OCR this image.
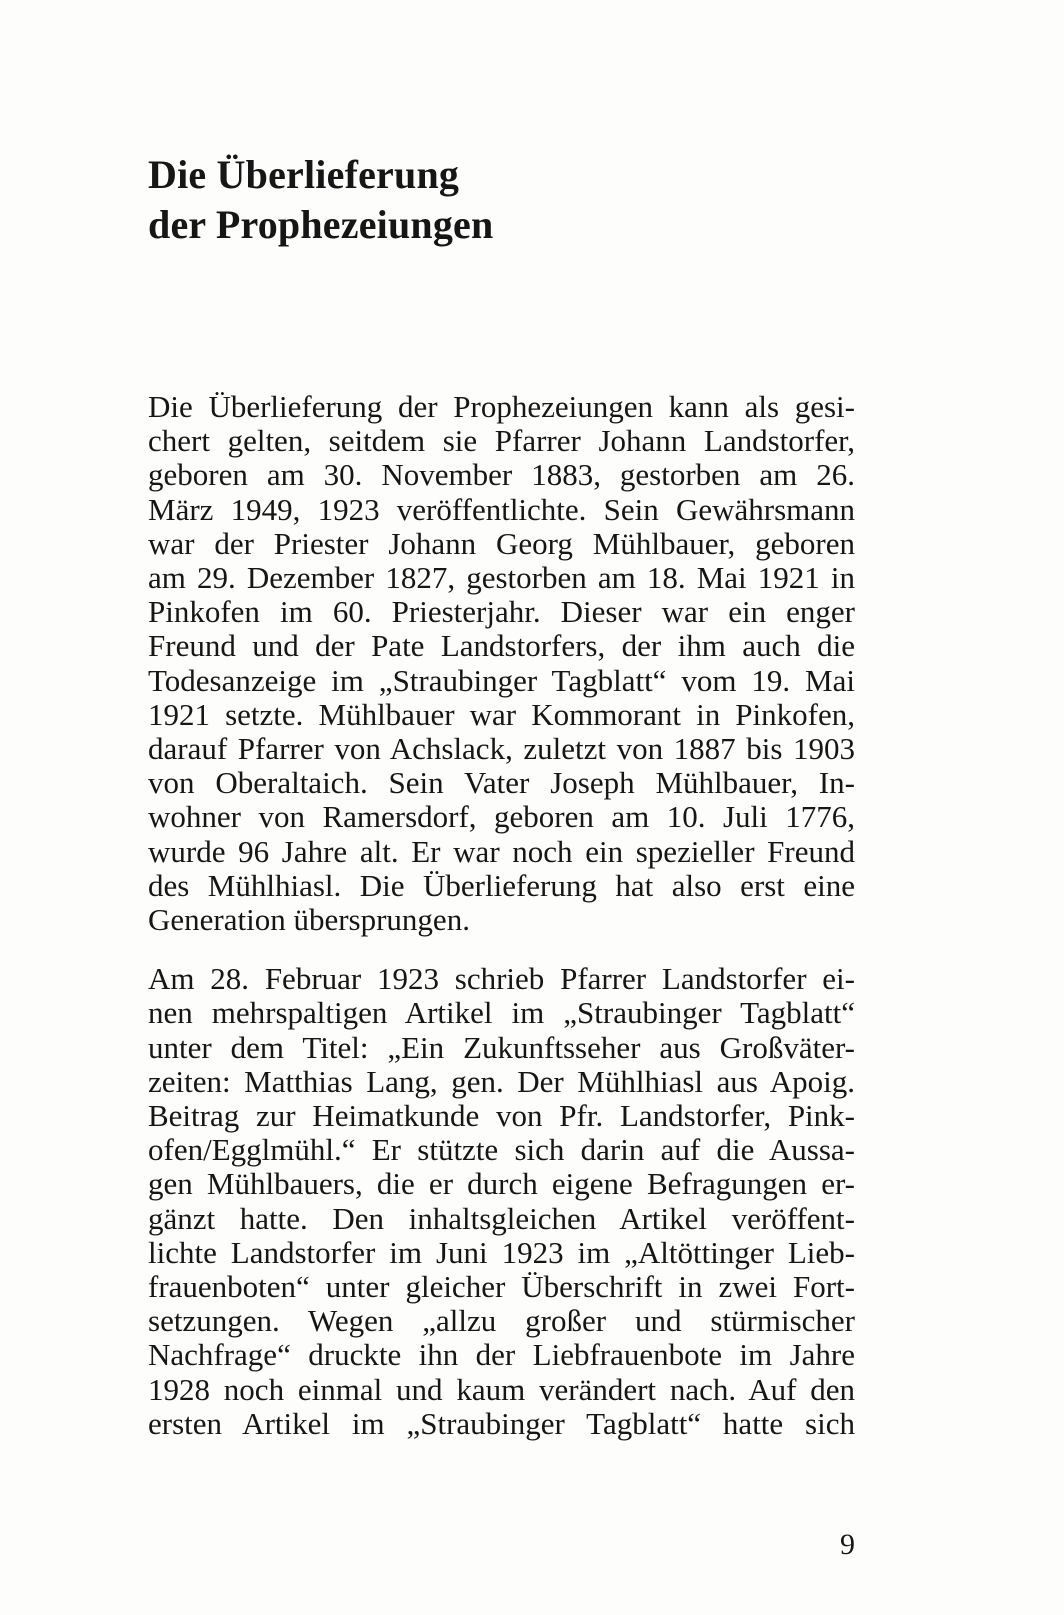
Die Überlieferung
der Prophezeiungen
Die Überlieferung der Prophezeiungen kann als gesi-
chert gelten, seitdem sie Pfarrer Johann Landstorfer,
geboren am 30. November 1883, gestorben am 26.
März 1949, 1923 veröffentlichte. Sein Gewährsmann
war der Priester Johann Georg Mühlbauer, geboren
am 29. Dezember 1827, gestorben am 18. Mai 1921 in
Pinkofen im 60. Priesterjahr. Dieser war ein enger
Freund und der Pate Landstorfers, der ihm auch die
Todesanzeige im „Straubinger Tagblatt“ vom 19. Mai
1921 setzte. Mühlbauer war Kommorant in Pinkofen,
darauf Pfarrer von Achslack, zuletzt von 1887 bis 1903
von Oberaltaich. Sein Vater Joseph Mühlbauer, In-
wohner von Ramersdorf, geboren am 10. Juli 1776,
wurde 96 Jahre alt. Er war noch ein spezieller Freund
des Mühlhiasl. Die Überlieferung hat also erst eine
Generation übersprungen.
Am 28. Februar 1923 schrieb Pfarrer Landstorfer ei-
nen mehrspaltigen Artikel im „Straubinger Tagblatt“
unter dem Titel: „Ein Zukunftsseher aus Großväter-
zeiten: Matthias Lang, gen. Der Mühlhiasl aus Apoig.
Beitrag zur Heimatkunde von Pfr. Landstorfer, Pink-
ofen/Egglmühl.“ Er stützte sich darin auf die Aussa-
gen Mühlbauers, die er durch eigene Befragungen er-
gänzt hatte. Den inhaltsgleichen Artikel veröffent-
lichte Landstorfer im Juni 1923 im „Altöttinger Lieb-
frauenboten“ unter gleicher Überschrift in zwei Fort-
setzungen. Wegen „allzu großer und stürmischer
Nachfrage“ druckte ihn der Liebfrauenbote im Jahre
1928 noch einmal und kaum verändert nach. Auf den
ersten Artikel im „Straubinger Tagblatt“ hatte sich
9
